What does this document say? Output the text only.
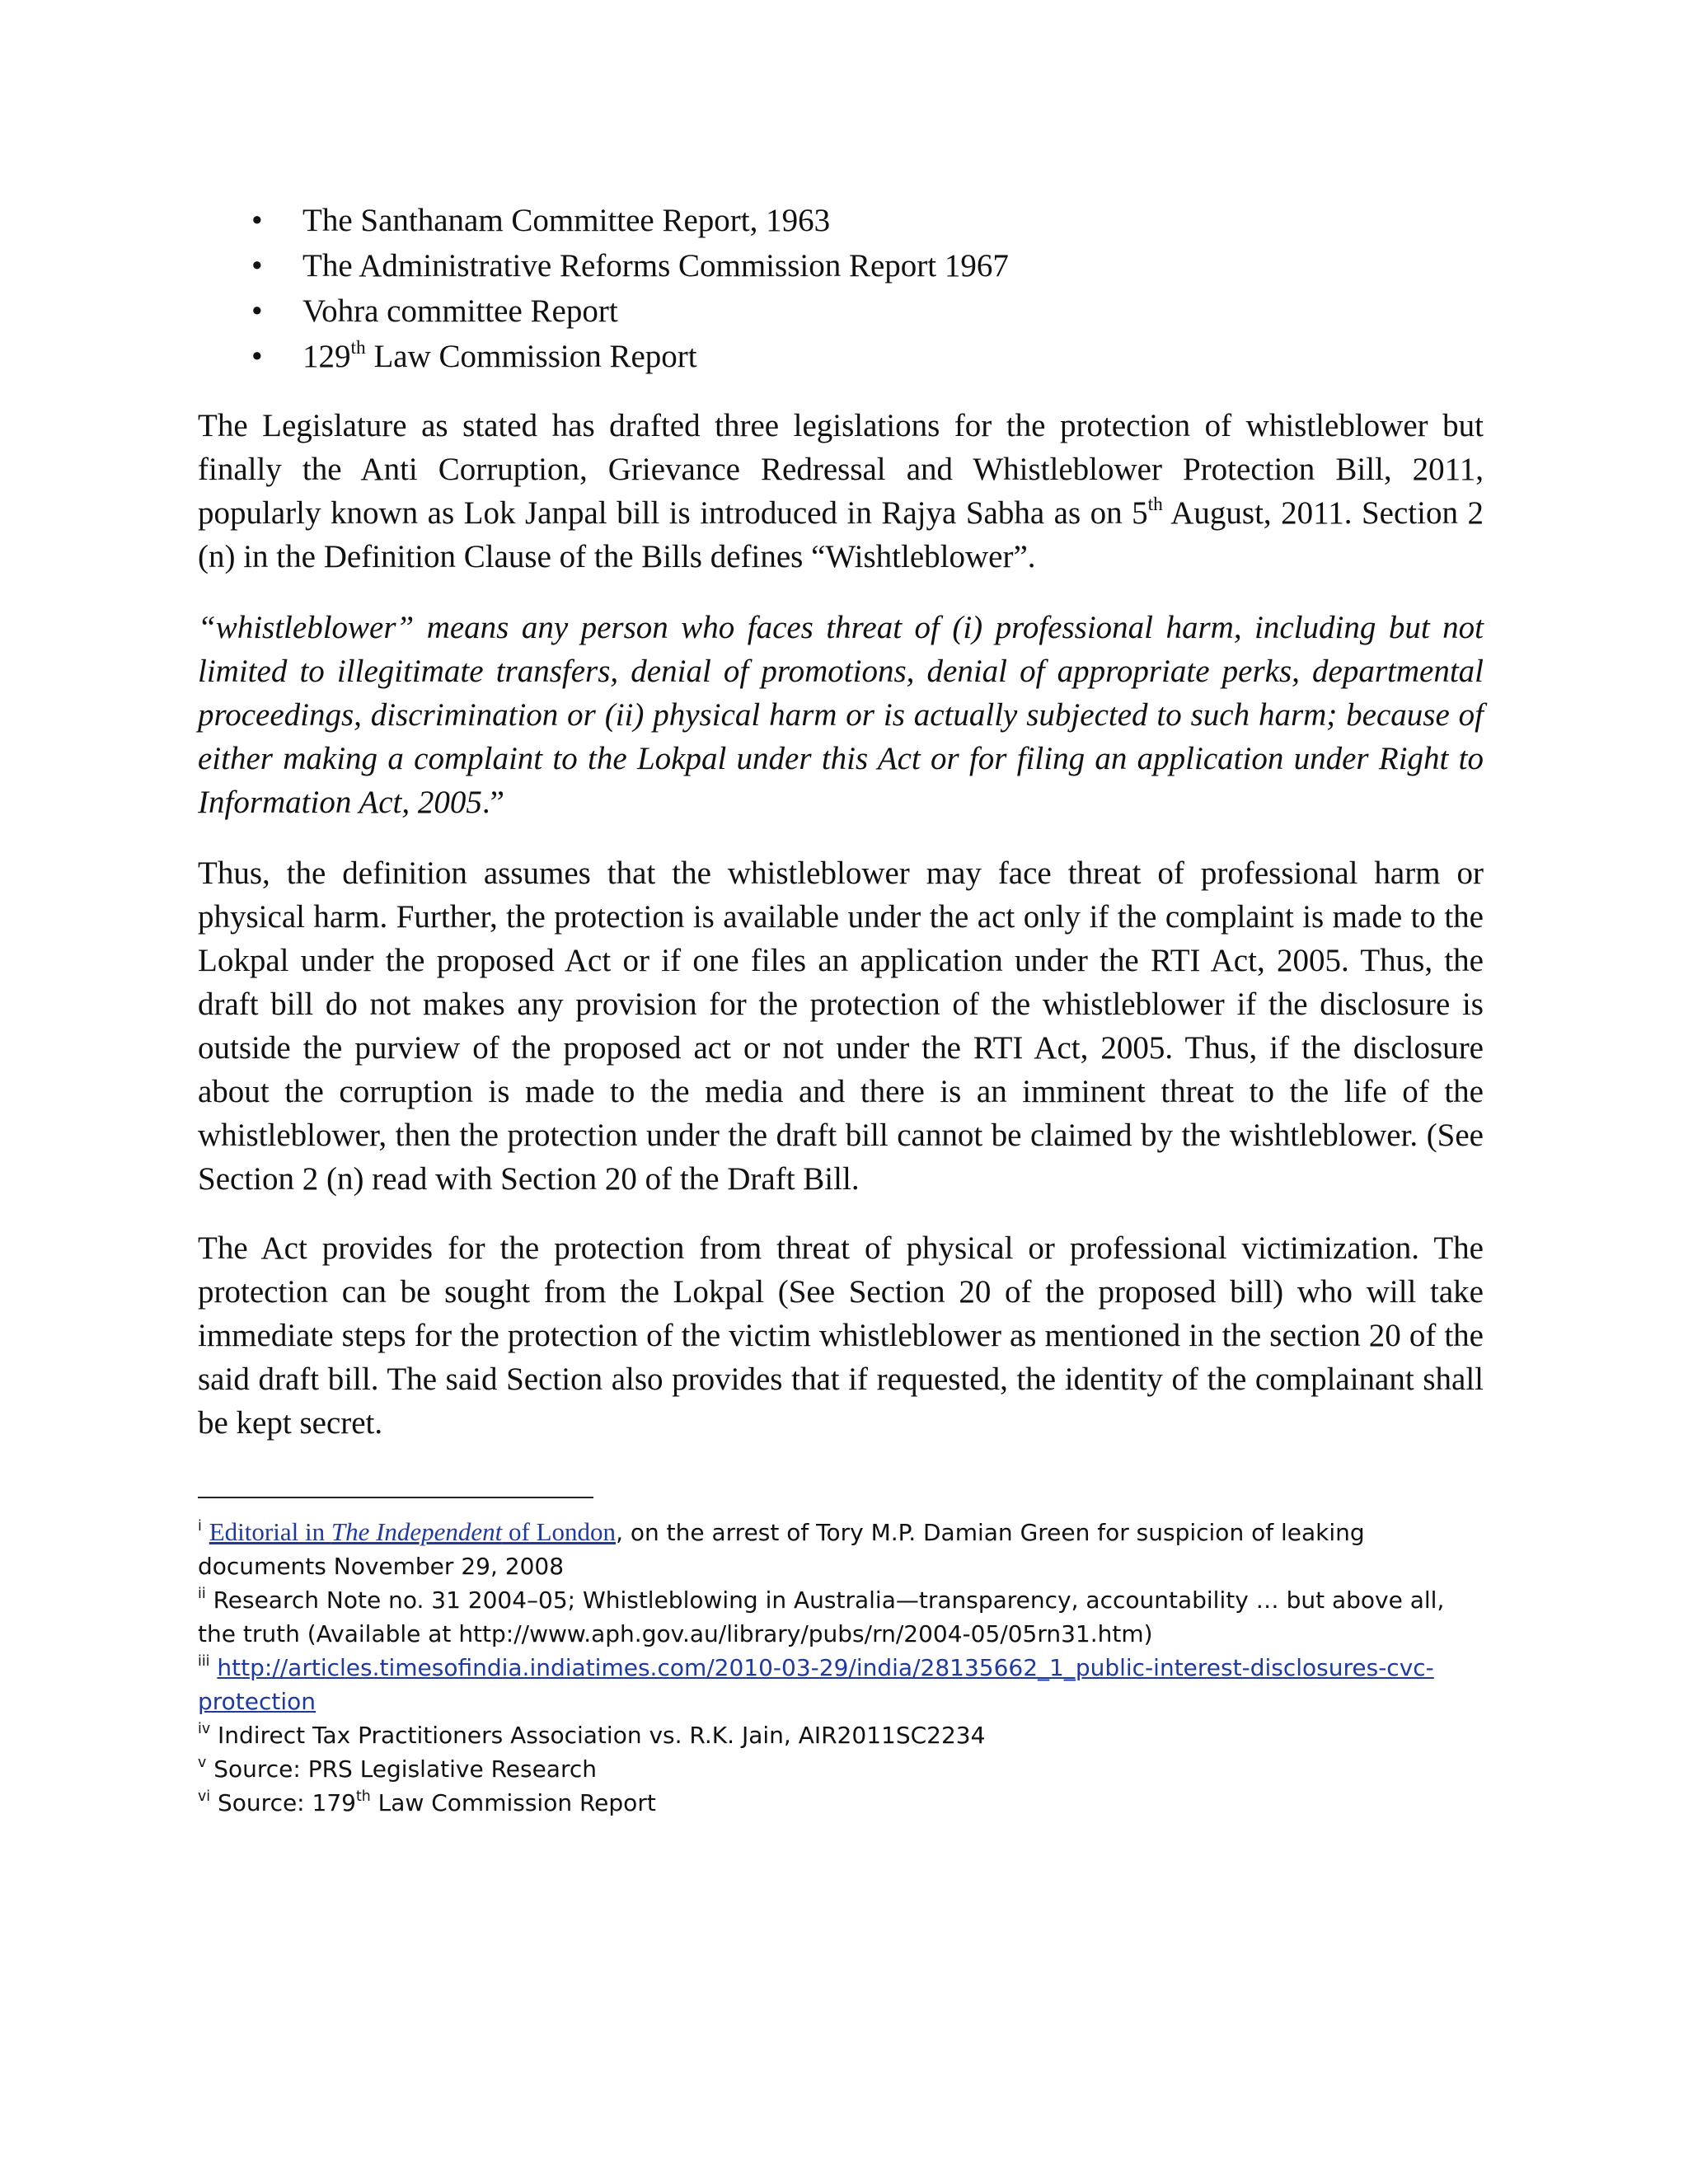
• The Santhanam Committee Report, 1963
• The Administrative Reforms Commission Report 1967
• Vohra committee Report
• 129th Law Commission Report

The Legislature as stated has drafted three legislations for the protection of whistleblower but finally the Anti Corruption, Grievance Redressal and Whistleblower Protection Bill, 2011, popularly known as Lok Janpal bill is introduced in Rajya Sabha as on 5th August, 2011. Section 2 (n) in the Definition Clause of the Bills defines “Wishtleblower”.

“whistleblower” means any person who faces threat of (i) professional harm, including but not limited to illegitimate transfers, denial of promotions, denial of appropriate perks, departmental proceedings, discrimination or (ii) physical harm or is actually subjected to such harm; because of either making a complaint to the Lokpal under this Act or for filing an application under Right to Information Act, 2005.”

Thus, the definition assumes that the whistleblower may face threat of professional harm or physical harm. Further, the protection is available under the act only if the complaint is made to the Lokpal under the proposed Act or if one files an application under the RTI Act, 2005. Thus, the draft bill do not makes any provision for the protection of the whistleblower if the disclosure is outside the purview of the proposed act or not under the RTI Act, 2005. Thus, if the disclosure about the corruption is made to the media and there is an imminent threat to the life of the whistleblower, then the protection under the draft bill cannot be claimed by the wishtleblower. (See Section 2 (n) read with Section 20 of the Draft Bill.

The Act provides for the protection from threat of physical or professional victimization. The protection can be sought from the Lokpal (See Section 20 of the proposed bill) who will take immediate steps for the protection of the victim whistleblower as mentioned in the section 20 of the said draft bill. The said Section also provides that if requested, the identity of the complainant shall be kept secret.

$^i$ Editorial in The Independent of London, on the arrest of Tory M.P. Damian Green for suspicion of leaking documents November 29, 2008

$^{ii}$ Research Note no. 31 2004–05; Whistleblowing in Australia—transparency, accountability … but above all, the truth (Available at http://www.aph.gov.au/library/pubs/rn/2004-05/05rn31.htm)

$^{iii}$ http://articles.timesofindia.indiatimes.com/2010-03-29/india/28135662_1_public-interest-disclosures-cvc-protection

$^{iv}$ Indirect Tax Practitioners Association vs. R.K. Jain, AIR2011SC2234

$^v$ Source: PRS Legislative Research

$^{vi}$ Source: 179th Law Commission Report
